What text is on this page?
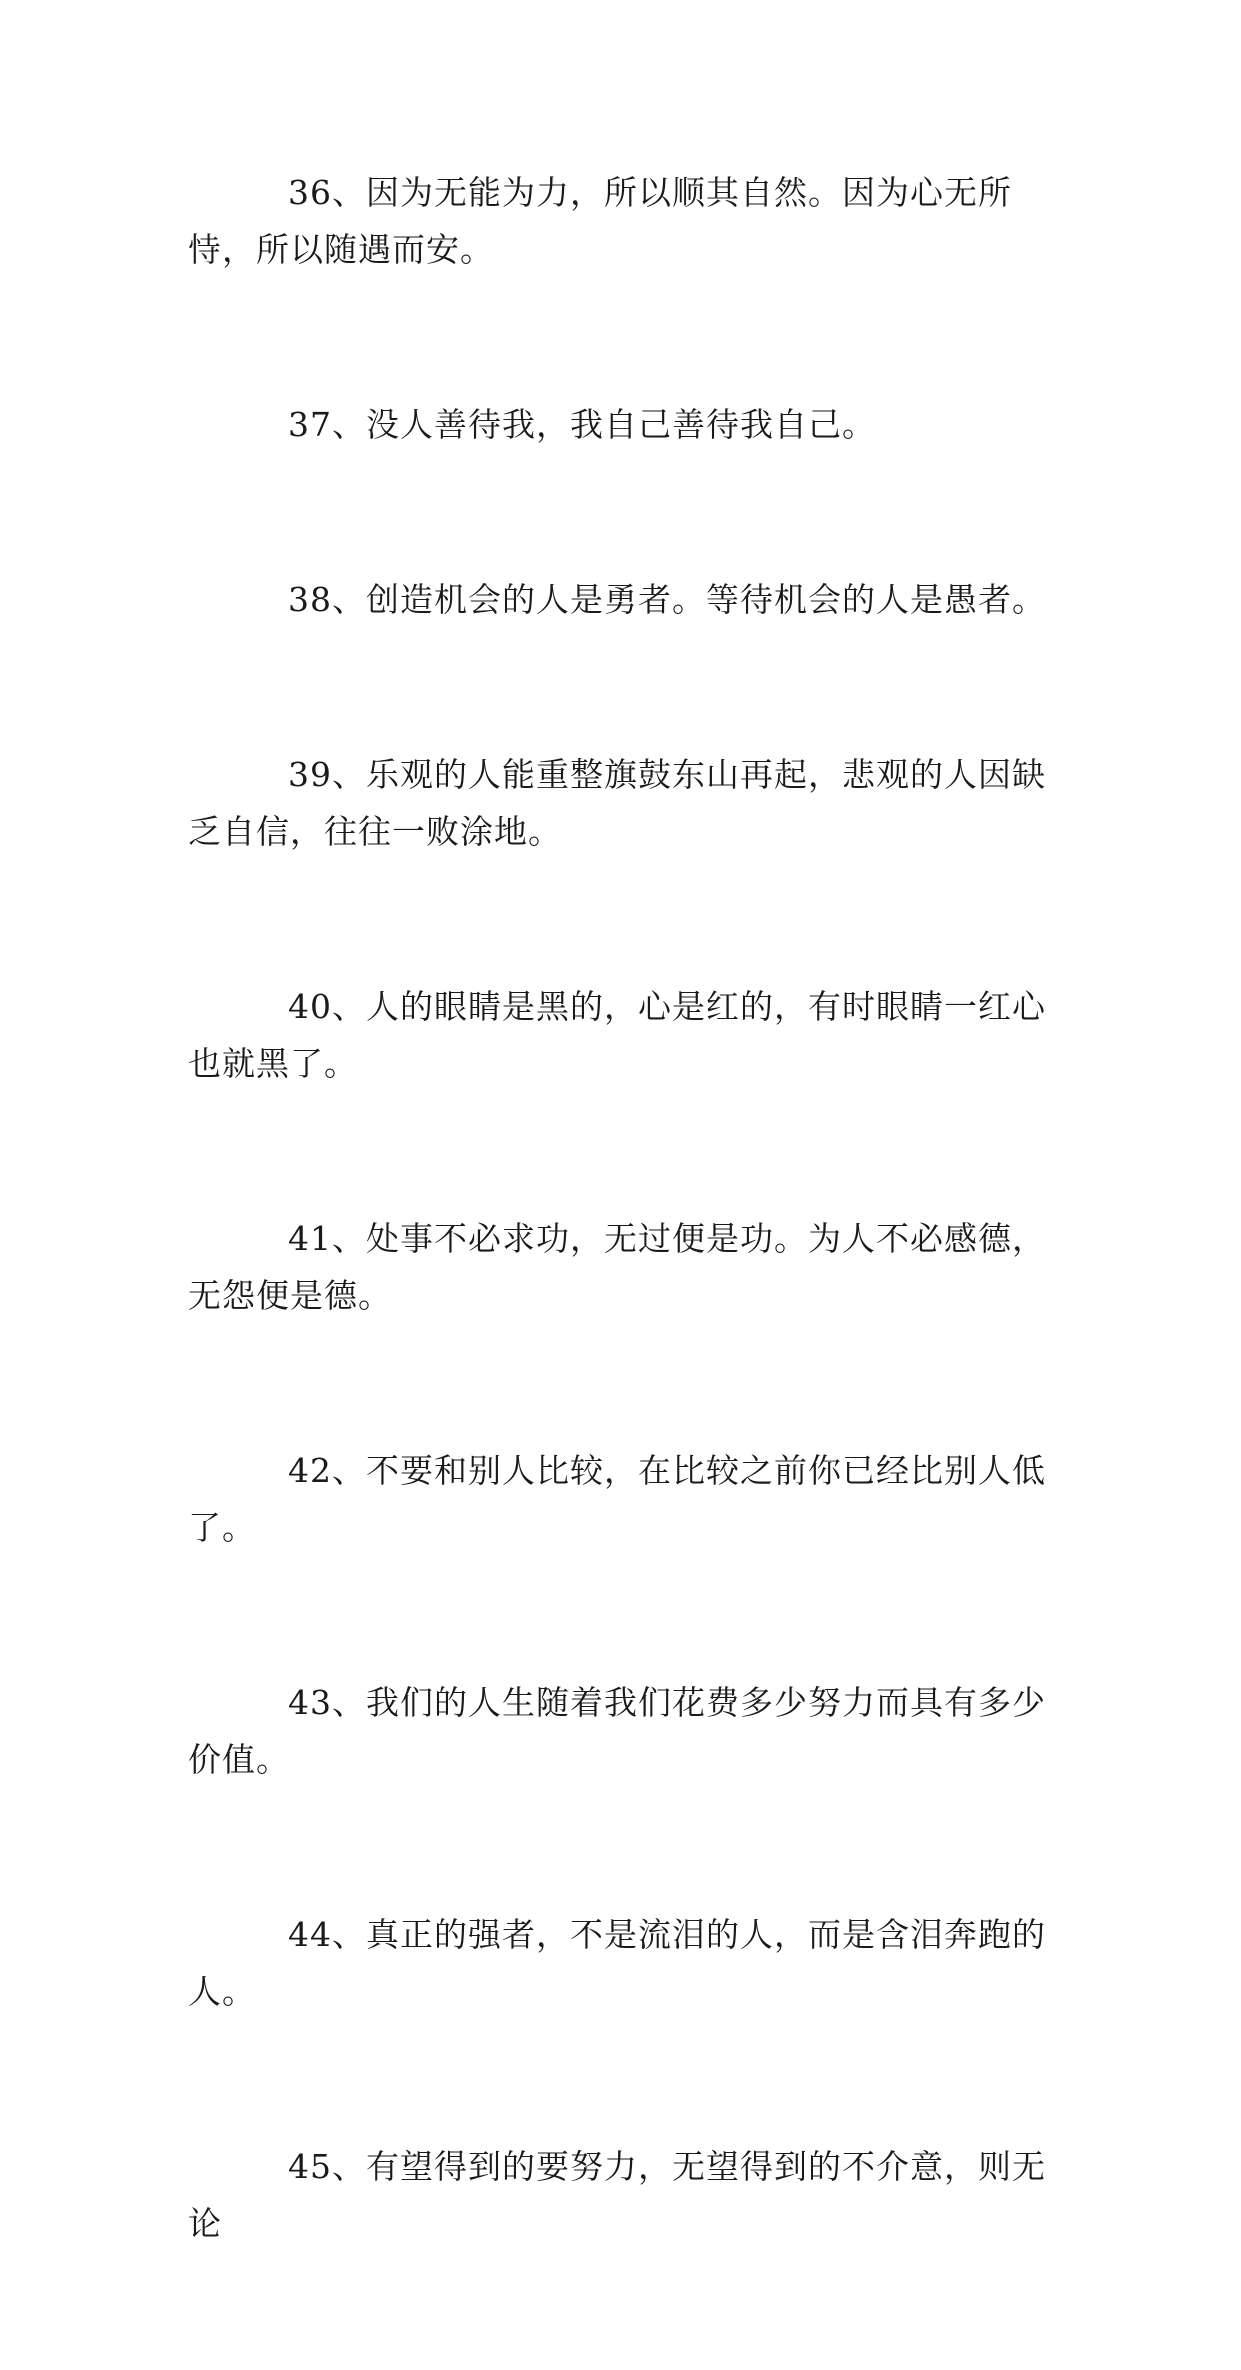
36、因为无能为力，所以顺其自然。因为心无所恃，所以随遇而安。

37、没人善待我，我自己善待我自己。

38、创造机会的人是勇者。等待机会的人是愚者。

39、乐观的人能重整旗鼓东山再起，悲观的人因缺乏自信，往往一败涂地。

40、人的眼睛是黑的，心是红的，有时眼睛一红心也就黑了。

41、处事不必求功，无过便是功。为人不必感德，无怨便是德。

42、不要和别人比较，在比较之前你已经比别人低了。

43、我们的人生随着我们花费多少努力而具有多少价值。

44、真正的强者，不是流泪的人，而是含泪奔跑的人。

45、有望得到的要努力，无望得到的不介意，则无论
